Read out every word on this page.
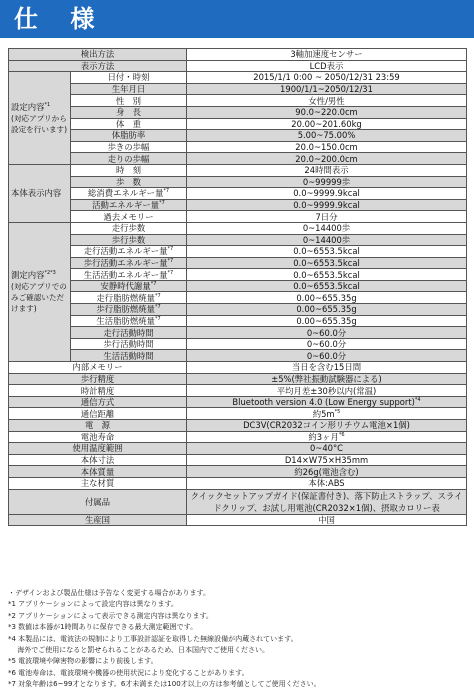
仕 様
検出方法		3軸加速度センサー
表示方法		LCD表示
設定内容$^{*1}$
(対応アプリから設定を行います)	日付・時刻	2015/1/1 0:00 ~ 2050/12/31 23:59
	生年月日	1900/1/1~2050/12/31
	性　別	女性/男性
	身　長	90.0~220.0cm
	体　重	20.00~201.60kg
	体脂肪率	5.00~75.00%
	歩きの歩幅	20.0~150.0cm
	走りの歩幅	20.0~200.0cm
本体表示内容	時　刻	24時間表示
	歩　数	0~99999歩
	総消費エネルギー量$^{*7}$	0.0~9999.9kcal
	活動エネルギー量$^{*7}$	0.0~9999.9kcal
	過去メモリー	7日分
測定内容$^{*2*3}$
(対応アプリでのみご確認いただけます)	走行歩数	0~14400歩
	歩行歩数	0~14400歩
	走行活動エネルギー量$^{*7}$	0.0~6553.5kcal
	歩行活動エネルギー量$^{*7}$	0.0~6553.5kcal
	生活活動エネルギー量$^{*7}$	0.0~6553.5kcal
	安静時代謝量$^{*7}$	0.0~6553.5kcal
	走行脂肪燃焼量$^{*7}$	0.00~655.35g
	歩行脂肪燃焼量$^{*7}$	0.00~655.35g
	生活脂肪燃焼量$^{*7}$	0.00~655.35g
	走行活動時間	0~60.0分
	歩行活動時間	0~60.0分
	生活活動時間	0~60.0分
内部メモリー		当日を含む15日間
歩行精度		±5%(弊社振動試験器による)
時計精度		平均月差±30秒以内(常温)
通信方式		Bluetooth version 4.0 (Low Energy support)$^{*4}$
通信距離		約$5m^{*5}$
電　源		DC3V(CR2032コイン形リチウム電池×1個)
電池寿命		約3ヶ月$^{*6}$
使用温度範囲		0~40°C
本体寸法		D14×W75×H35mm
本体質量		約26g(電池含む)
主な材質		本体:ABS
付属品		クイックセットアップガイド(保証書付き)、落下防止ストラップ、スライドクリップ、お試し用電池(CR2032×1個)、摂取カロリー表
生産国		中国
・デザインおよび製品仕様は予告なく変更する場合があります。
*1 アプリケーションによって設定内容は異なります。
*2 アプリケーションによって表示できる測定内容は異なります。
*3 数値は本器が1時間ありに保存できる最大測定範囲です。
*4 本製品には、電波法の規制により工事設計認証を取得した無線設備が内蔵されています。
　 海外でご使用になると罰せられることがあるため、日本国内でご使用ください。
*5 電波環境や障害物の影響により前後します。
*6 電池寿命は、電波環境や機器の使用状況により変化することがあります。
*7 対象年齢は6~99才となります。6才未満または100才以上の方は参考値としてご使用ください。
